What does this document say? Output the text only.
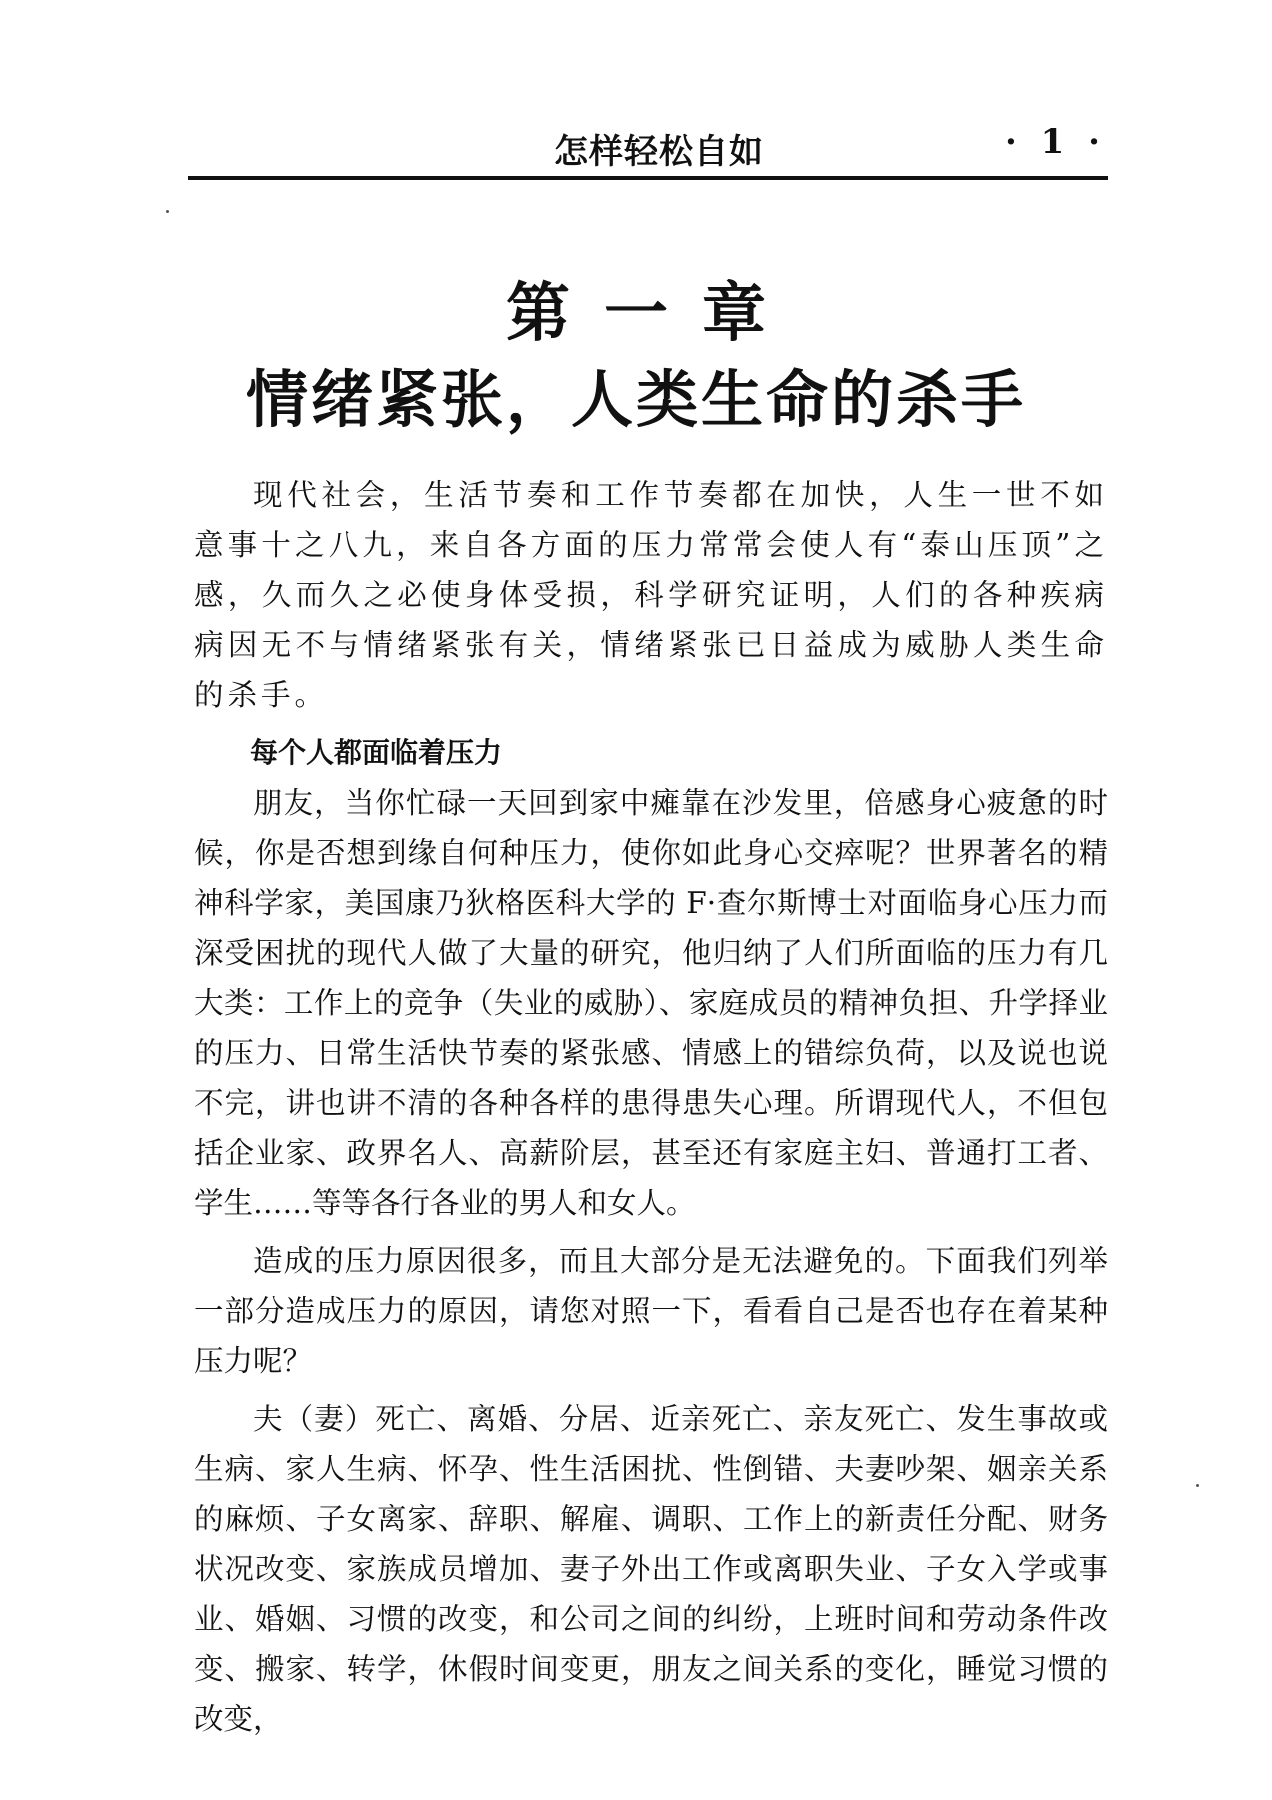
怎样轻松自如	· 1 ·
第一章
情绪紧张，人类生命的杀手

现代社会，生活节奏和工作节奏都在加快，人生一世不如意事十之八九，来自各方面的压力常常会使人有“泰山压顶”之感，久而久之必使身体受损，科学研究证明，人们的各种疾病病因无不与情绪紧张有关，情绪紧张已日益成为威胁人类生命的杀手。

每个人都面临着压力

朋友，当你忙碌一天回到家中瘫靠在沙发里，倍感身心疲惫的时候，你是否想到缘自何种压力，使你如此身心交瘁呢？世界著名的精神科学家，美国康乃狄格医科大学的 F·查尔斯博士对面临身心压力而深受困扰的现代人做了大量的研究，他归纳了人们所面临的压力有几大类：工作上的竞争（失业的威胁）、家庭成员的精神负担、升学择业的压力、日常生活快节奏的紧张感、情感上的错综负荷，以及说也说不完，讲也讲不清的各种各样的患得患失心理。所谓现代人，不但包括企业家、政界名人、高薪阶层，甚至还有家庭主妇、普通打工者、学生……等等各行各业的男人和女人。

造成的压力原因很多，而且大部分是无法避免的。下面我们列举一部分造成压力的原因，请您对照一下，看看自己是否也存在着某种压力呢？

夫（妻）死亡、离婚、分居、近亲死亡、亲友死亡、发生事故或生病、家人生病、怀孕、性生活困扰、性倒错、夫妻吵架、姻亲关系的麻烦、子女离家、辞职、解雇、调职、工作上的新责任分配、财务状况改变、家族成员增加、妻子外出工作或离职失业、子女入学或事业、婚姻、习惯的改变，和公司之间的纠纷，上班时间和劳动条件改变、搬家、转学，休假时间变更，朋友之间关系的变化，睡觉习惯的改变，
